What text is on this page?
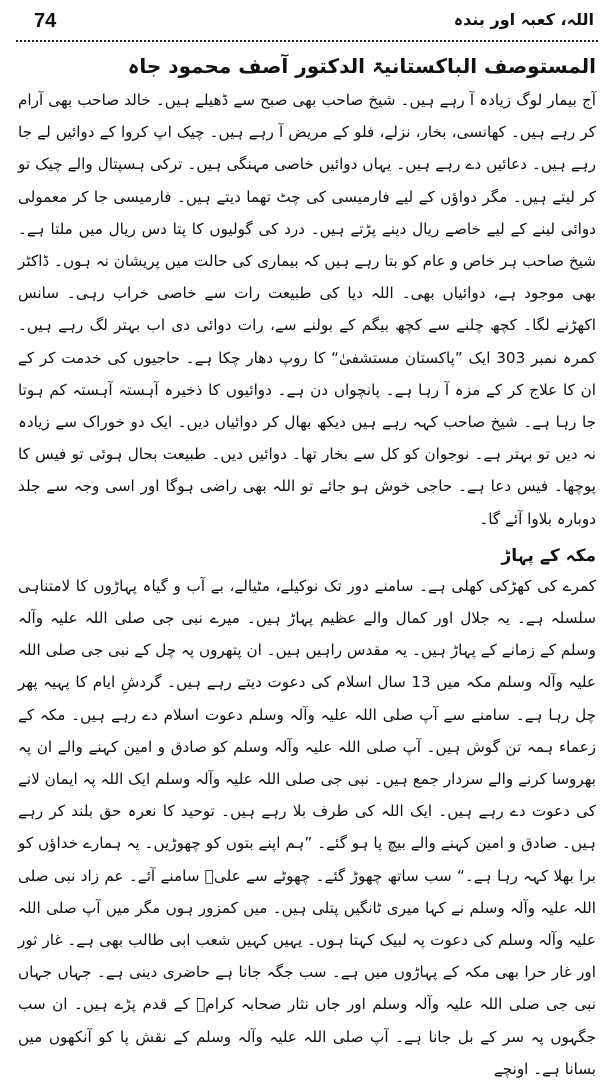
74	اللہ، کعبہ اور بندہ
المستوصف الباکستانیۃ الدکتور آصف محمود جاہ

آج بیمار لوگ زیادہ آ رہے ہیں۔ شیخ صاحب بھی صبح سے ڈھیلے ہیں۔ خالد صاحب بھی آرام کر رہے ہیں۔ کھانسی، بخار، نزلے، فلو کے مریض آ رہے ہیں۔ چیک اپ کروا کے دوائیں لے جا رہے ہیں۔ دعائیں دے رہے ہیں۔ یہاں دوائیں خاصی مہنگی ہیں۔ ترکی ہسپتال والے چیک تو کر لیتے ہیں۔ مگر دواؤں کے لیے فارمیسی کی چٹ تھما دیتے ہیں۔ فارمیسی جا کر معمولی دوائی لینے کے لیے خاصے ریال دینے پڑتے ہیں۔ درد کی گولیوں کا پتا دس ریال میں ملتا ہے۔ شیخ صاحب ہر خاص و عام کو بتا رہے ہیں کہ بیماری کی حالت میں پریشان نہ ہوں۔ ڈاکٹر بھی موجود ہے، دوائیاں بھی۔ اللہ دیا کی طبیعت رات سے خاصی خراب رہی۔ سانس اکھڑنے لگا۔ کچھ چلنے سے کچھ بیگم کے بولنے سے، رات دوائی دی اب بہتر لگ رہے ہیں۔ کمرہ نمبر 303 ایک ”پاکستان مستشفیٰ“ کا روپ دھار چکا ہے۔ حاجیوں کی خدمت کر کے ان کا علاج کر کے مزہ آ رہا ہے۔ پانچواں دن ہے۔ دوائیوں کا ذخیرہ آہستہ آہستہ کم ہوتا جا رہا ہے۔ شیخ صاحب کہہ رہے ہیں دیکھ بھال کر دوائیاں دیں۔ ایک دو خوراک سے زیادہ نہ دیں تو بہتر ہے۔ نوجوان کو کل سے بخار تھا۔ دوائیں دیں۔ طبیعت بحال ہوئی تو فیس کا پوچھا۔ فیس دعا ہے۔ حاجی خوش ہو جائے تو اللہ بھی راضی ہوگا اور اسی وجہ سے جلد دوبارہ بلاوا آئے گا۔

مکہ کے پہاڑ

کمرے کی کھڑکی کھلی ہے۔ سامنے دور تک نوکیلے، مٹیالے، بے آب و گیاہ پہاڑوں کا لامتناہی سلسلہ ہے۔ یہ جلال اور کمال والے عظیم پہاڑ ہیں۔ میرے نبی جی صلی اللہ علیہ وآلہ وسلم کے زمانے کے پہاڑ ہیں۔ یہ مقدس راہیں ہیں۔ ان پتھروں پہ چل کے نبی جی صلی اللہ علیہ وآلہ وسلم مکہ میں 13 سال اسلام کی دعوت دیتے رہے ہیں۔ گردشِ ایام کا پہیہ پھر چل رہا ہے۔ سامنے سے آپ صلی اللہ علیہ وآلہ وسلم دعوت اسلام دے رہے ہیں۔ مکہ کے زعماء ہمہ تن گوش ہیں۔ آپ صلی اللہ علیہ وآلہ وسلم کو صادق و امین کہنے والے ان پہ بھروسا کرنے والے سردار جمع ہیں۔ نبی جی صلی اللہ علیہ وآلہ وسلم ایک اللہ پہ ایمان لانے کی دعوت دے رہے ہیں۔ ایک اللہ کی طرف بلا رہے ہیں۔ توحید کا نعرہ حق بلند کر رہے ہیں۔ صادق و امین کہنے والے بیچ پا ہو گئے۔ ”ہم اپنے بتوں کو چھوڑیں۔ یہ ہمارے خداؤں کو برا بھلا کہہ رہا ہے۔“ سب ساتھ چھوڑ گئے۔ چھوٹے سے علیؓ سامنے آئے۔ عم زاد نبی صلی اللہ علیہ وآلہ وسلم نے کہا میری ٹانگیں پتلی ہیں۔ میں کمزور ہوں مگر میں آپ صلی اللہ علیہ وآلہ وسلم کی دعوت پہ لبیک کہتا ہوں۔ یہیں کہیں شعب ابی طالب بھی ہے۔ غار ثور اور غار حرا بھی مکہ کے پہاڑوں میں ہے۔ سب جگہ جانا ہے حاضری دینی ہے۔ جہاں جہاں نبی جی صلی اللہ علیہ وآلہ وسلم اور جاں نثار صحابہ کرامؓ کے قدم پڑے ہیں۔ ان سب جگہوں پہ سر کے بل جانا ہے۔ آپ صلی اللہ علیہ وآلہ وسلم کے نقش پا کو آنکھوں میں بسانا ہے۔ اونچے
